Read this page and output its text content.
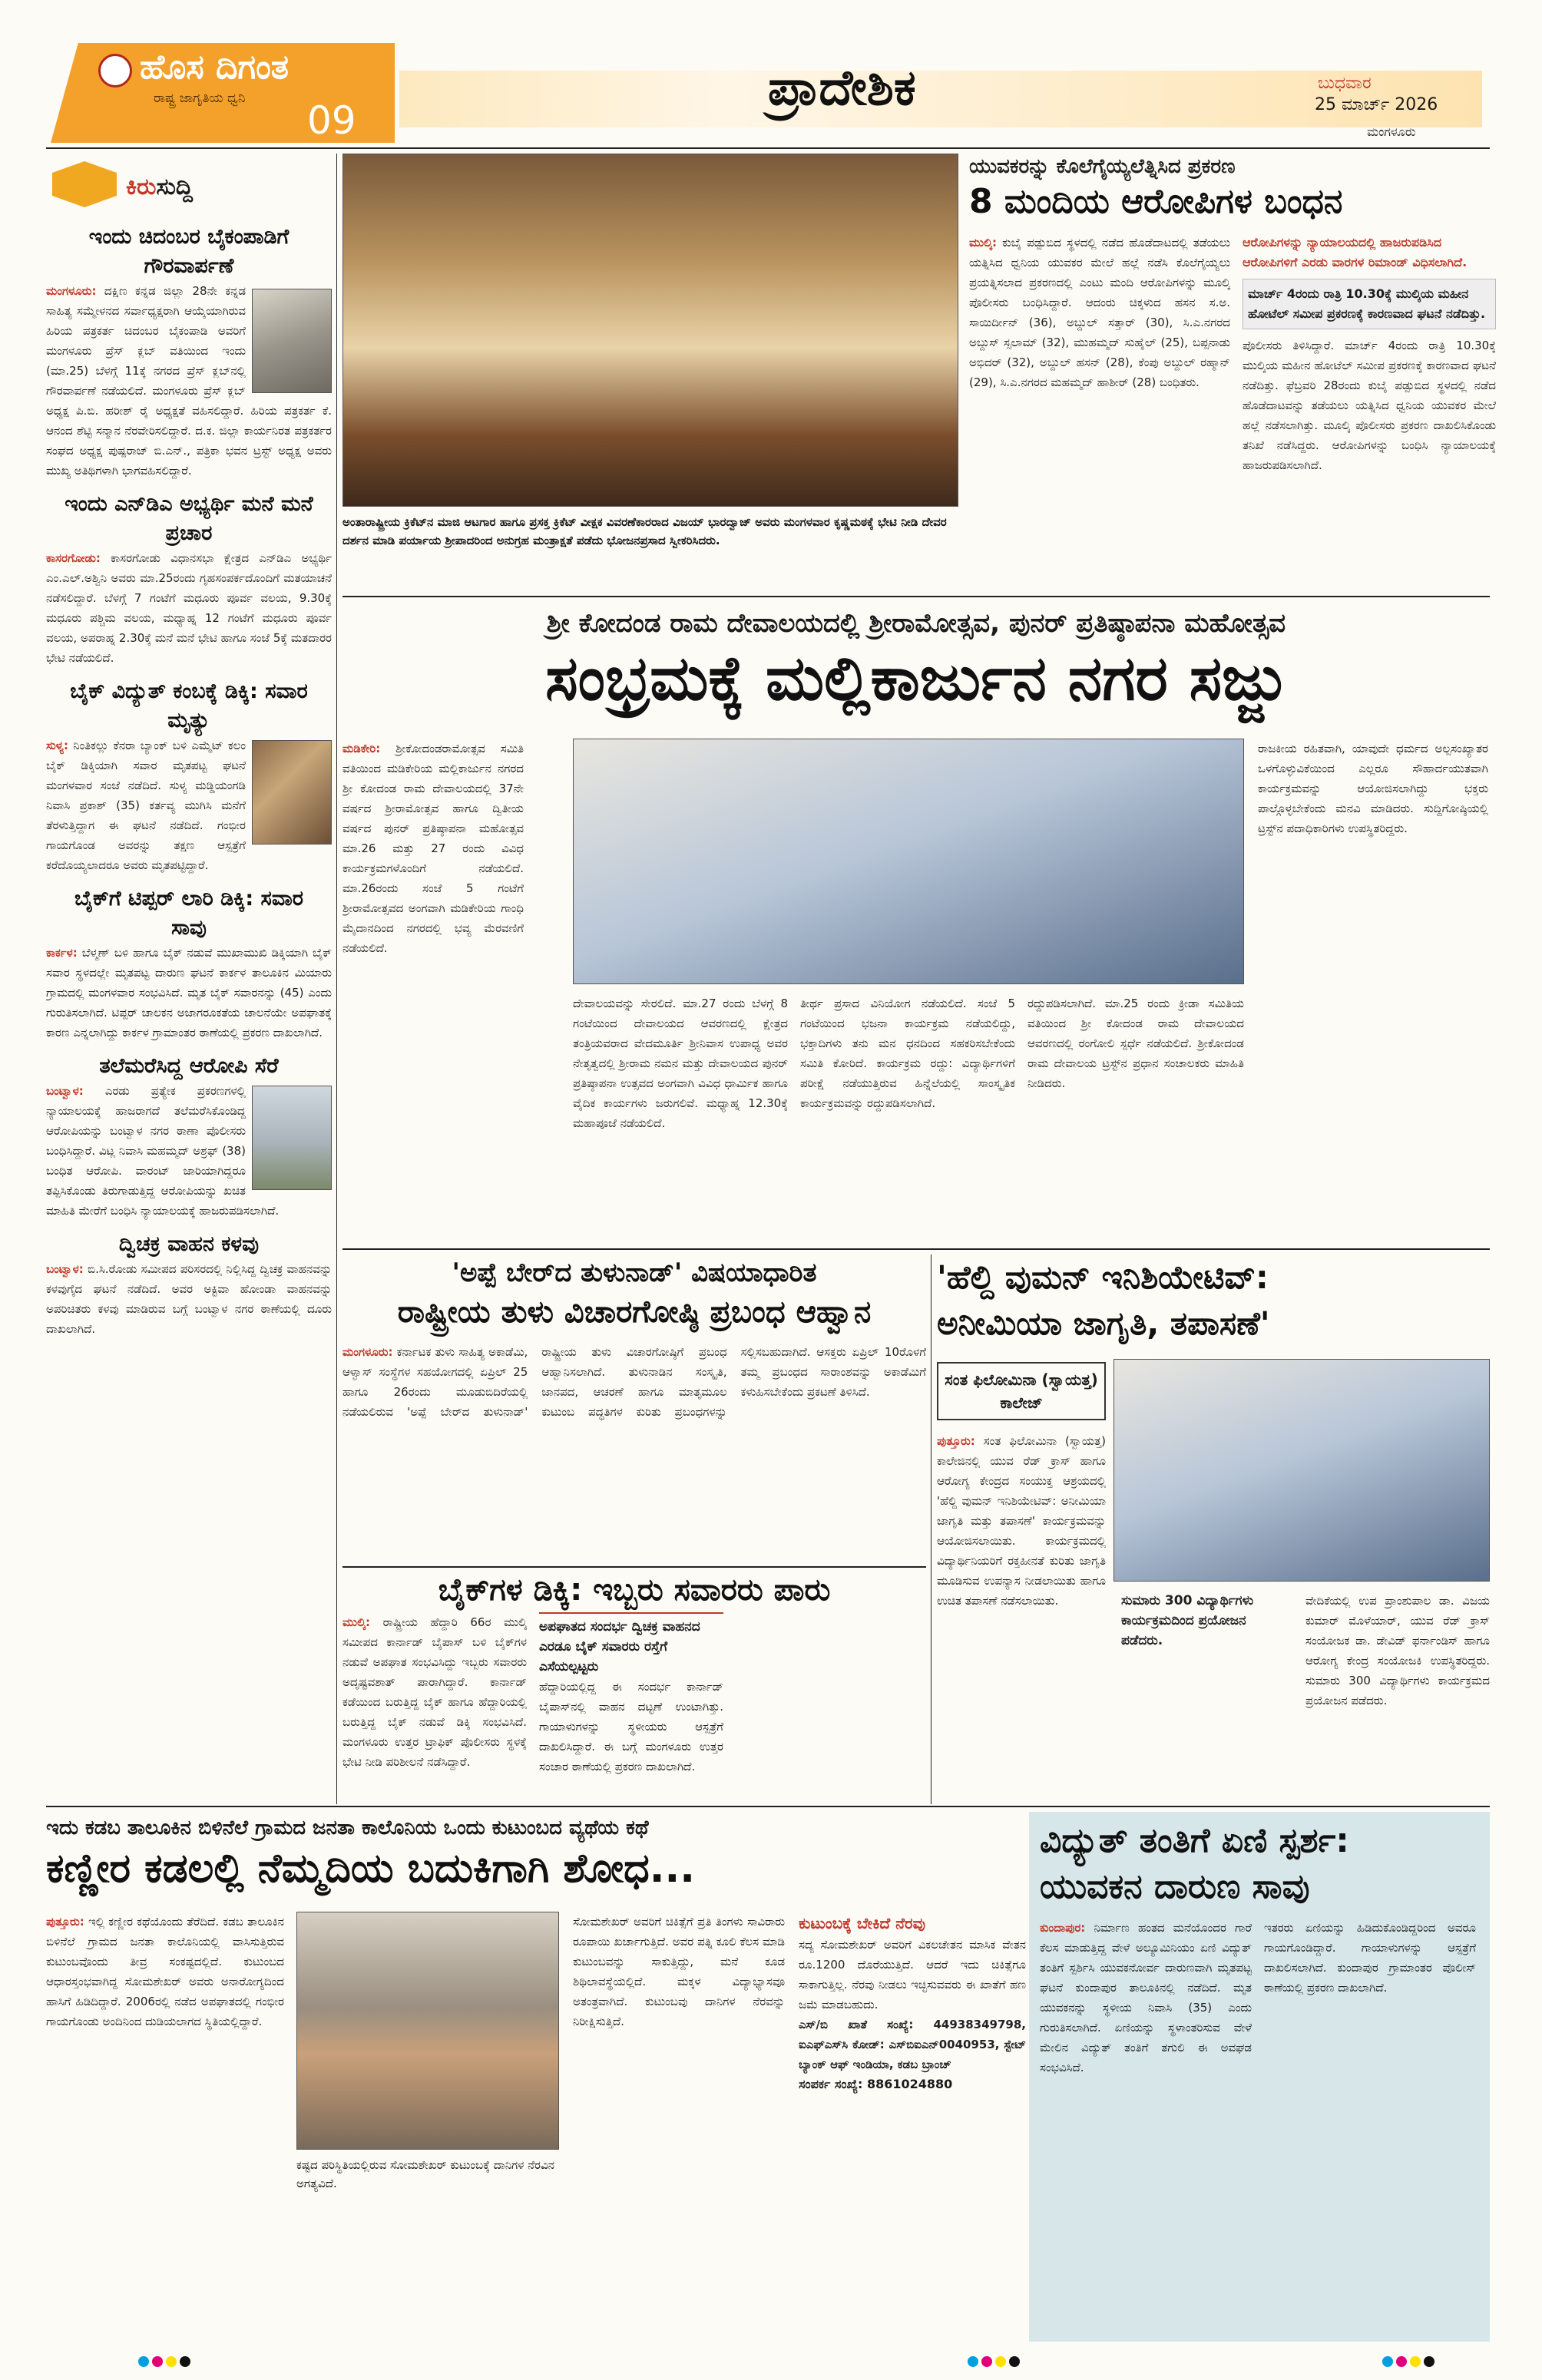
ಹೊಸ ದಿಗಂತ
ರಾಷ್ಟ್ರ ಜಾಗೃತಿಯ ಧ್ವನಿ 09
ಪ್ರಾದೇಶಿಕ	ಬುಧವಾರ
25 ಮಾರ್ಚ್ 2026
ಮಂಗಳೂರು
ಕಿರುಸುದ್ದಿ
ಇಂದು ಚಿದಂಬರ ಬೈಕಂಪಾಡಿಗೆ ಗೌರವಾರ್ಪಣೆ
ಮಂಗಳೂರು: ದಕ್ಷಿಣ ಕನ್ನಡ ಜಿಲ್ಲಾ 28ನೇ ಕನ್ನಡ ಸಾಹಿತ್ಯ ಸಮ್ಮೇಳನದ ಸರ್ವಾಧ್ಯಕ್ಷರಾಗಿ ಆಯ್ಕೆಯಾಗಿರುವ ಹಿರಿಯ ಪತ್ರಕರ್ತ ಚಿದಂಬರ ಬೈಕಂಪಾಡಿ ಅವರಿಗೆ ಮಂಗಳೂರು ಪ್ರೆಸ್ ಕ್ಲಬ್ ವತಿಯಿಂದ ಇಂದು (ಮಾ.25) ಬೆಳಗ್ಗೆ 11ಕ್ಕೆ ನಗರದ ಪ್ರೆಸ್ ಕ್ಲಬ್‌ನಲ್ಲಿ ಗೌರವಾರ್ಪಣೆ ನಡೆಯಲಿದೆ. ಮಂಗಳೂರು ಪ್ರೆಸ್ ಕ್ಲಬ್ ಅಧ್ಯಕ್ಷ ಪಿ.ಬಿ. ಹರೀಶ್ ರೈ ಅಧ್ಯಕ್ಷತೆ ವಹಿಸಲಿದ್ದಾರೆ. ಹಿರಿಯ ಪತ್ರಕರ್ತ ಕೆ. ಆನಂದ ಶೆಟ್ಟಿ ಸನ್ಮಾನ ನೆರವೇರಿಸಲಿದ್ದಾರೆ. ದ.ಕ. ಜಿಲ್ಲಾ ಕಾರ್ಯನಿರತ ಪತ್ರಕರ್ತರ ಸಂಘದ ಅಧ್ಯಕ್ಷ ಪುಷ್ಪರಾಜ್ ಬಿ.ಎನ್., ಪತ್ರಿಕಾ ಭವನ ಟ್ರಸ್ಟ್ ಅಧ್ಯಕ್ಷ ಅವರು ಮುಖ್ಯ ಅತಿಥಿಗಳಾಗಿ ಭಾಗವಹಿಸಲಿದ್ದಾರೆ.
ಇಂದು ಎನ್‌ಡಿಎ ಅಭ್ಯರ್ಥಿ ಮನೆ ಮನೆ ಪ್ರಚಾರ
ಕಾಸರಗೋಡು: ಕಾಸರಗೋಡು ವಿಧಾನಸಭಾ ಕ್ಷೇತ್ರದ ಎನ್‌ಡಿಎ ಅಭ್ಯರ್ಥಿ ಎಂ.ಎಲ್.ಅಶ್ವಿನಿ ಅವರು ಮಾ.25ರಂದು ಗೃಹಸಂಪರ್ಕದೊಂದಿಗೆ ಮತಯಾಚನೆ ನಡೆಸಲಿದ್ದಾರೆ. ಬೆಳಗ್ಗೆ 7 ಗಂಟೆಗೆ ಮಧೂರು ಪೂರ್ವ ವಲಯ, 9.30ಕ್ಕೆ ಮಧೂರು ಪಶ್ಚಿಮ ವಲಯ, ಮಧ್ಯಾಹ್ನ 12 ಗಂಟೆಗೆ ಮಧೂರು ಪೂರ್ವ ವಲಯ, ಅಪರಾಹ್ನ 2.30ಕ್ಕೆ ಮನೆ ಮನೆ ಭೇಟಿ ಹಾಗೂ ಸಂಜೆ 5ಕ್ಕೆ ಮತದಾರರ ಭೇಟಿ ನಡೆಯಲಿದೆ.
ಬೈಕ್ ವಿದ್ಯುತ್ ಕಂಬಕ್ಕೆ ಡಿಕ್ಕಿ: ಸವಾರ ಮೃತ್ಯು
ಸುಳ್ಯ: ನಿಂತಿಕಲ್ಲು ಕೆನರಾ ಬ್ಯಾಂಕ್ ಬಳಿ ಎಮ್ಮೆಟ್ ಕಲಂ ಬೈಕ್ ಡಿಕ್ಕಿಯಾಗಿ ಸವಾರ ಮೃತಪಟ್ಟ ಘಟನೆ ಮಂಗಳವಾರ ಸಂಜೆ ನಡೆದಿದೆ. ಸುಳ್ಯ ಮಡ್ಡಿಯಂಗಡಿ ನಿವಾಸಿ ಪ್ರಕಾಶ್ (35) ಕರ್ತವ್ಯ ಮುಗಿಸಿ ಮನೆಗೆ ತೆರಳುತ್ತಿದ್ದಾಗ ಈ ಘಟನೆ ನಡೆದಿದೆ. ಗಂಭೀರ ಗಾಯಗೊಂಡ ಅವರನ್ನು ತಕ್ಷಣ ಆಸ್ಪತ್ರೆಗೆ ಕರೆದೊಯ್ಯಲಾದರೂ ಅವರು ಮೃತಪಟ್ಟಿದ್ದಾರೆ.
ಬೈಕ್‌ಗೆ ಟಿಪ್ಪರ್ ಲಾರಿ ಡಿಕ್ಕಿ: ಸವಾರ ಸಾವು
ಕಾರ್ಕಳ: ಬೆಳ್ಮಣ್ ಬಳಿ ಹಾಗೂ ಬೈಕ್ ನಡುವೆ ಮುಖಾಮುಖಿ ಡಿಕ್ಕಿಯಾಗಿ ಬೈಕ್ ಸವಾರ ಸ್ಥಳದಲ್ಲೇ ಮೃತಪಟ್ಟ ದಾರುಣ ಘಟನೆ ಕಾರ್ಕಳ ತಾಲೂಕಿನ ಮಿಯಾರು ಗ್ರಾಮದಲ್ಲಿ ಮಂಗಳವಾರ ಸಂಭವಿಸಿದೆ. ಮೃತ ಬೈಕ್ ಸವಾರನನ್ನು (45) ಎಂದು ಗುರುತಿಸಲಾಗಿದೆ. ಟಿಪ್ಪರ್ ಚಾಲಕನ ಅಜಾಗರೂಕತೆಯ ಚಾಲನೆಯೇ ಅಪಘಾತಕ್ಕೆ ಕಾರಣ ಎನ್ನಲಾಗಿದ್ದು ಕಾರ್ಕಳ ಗ್ರಾಮಾಂತರ ಠಾಣೆಯಲ್ಲಿ ಪ್ರಕರಣ ದಾಖಲಾಗಿದೆ.
ತಲೆಮರೆಸಿದ್ದ ಆರೋಪಿ ಸೆರೆ
ಬಂಟ್ವಾಳ: ಎರಡು ಪ್ರತ್ಯೇಕ ಪ್ರಕರಣಗಳಲ್ಲಿ ನ್ಯಾಯಾಲಯಕ್ಕೆ ಹಾಜರಾಗದೆ ತಲೆಮರೆಸಿಕೊಂಡಿದ್ದ ಆರೋಪಿಯನ್ನು ಬಂಟ್ವಾಳ ನಗರ ಠಾಣಾ ಪೊಲೀಸರು ಬಂಧಿಸಿದ್ದಾರೆ. ವಿಟ್ಲ ನಿವಾಸಿ ಮಹಮ್ಮದ್ ಅಶ್ರಫ್ (38) ಬಂಧಿತ ಆರೋಪಿ. ವಾರಂಟ್ ಜಾರಿಯಾಗಿದ್ದರೂ ತಪ್ಪಿಸಿಕೊಂಡು ತಿರುಗಾಡುತ್ತಿದ್ದ ಆರೋಪಿಯನ್ನು ಖಚಿತ ಮಾಹಿತಿ ಮೇರೆಗೆ ಬಂಧಿಸಿ ನ್ಯಾಯಾಲಯಕ್ಕೆ ಹಾಜರುಪಡಿಸಲಾಗಿದೆ.
ದ್ವಿಚಕ್ರ ವಾಹನ ಕಳವು
ಬಂಟ್ವಾಳ: ಬಿ.ಸಿ.ರೋಡು ಸಮೀಪದ ಪರಿಸರದಲ್ಲಿ ನಿಲ್ಲಿಸಿದ್ದ ದ್ವಿಚಕ್ರ ವಾಹನವನ್ನು ಕಳವುಗೈದ ಘಟನೆ ನಡೆದಿದೆ. ಅವರ ಅಕ್ಟಿವಾ ಹೋಂಡಾ ವಾಹನವನ್ನು ಅಪರಿಚಿತರು ಕಳವು ಮಾಡಿರುವ ಬಗ್ಗೆ ಬಂಟ್ವಾಳ ನಗರ ಠಾಣೆಯಲ್ಲಿ ದೂರು ದಾಖಲಾಗಿದೆ.
ಅಂತಾರಾಷ್ಟ್ರೀಯ ಕ್ರಿಕೆಟ್‌ನ ಮಾಜಿ ಆಟಗಾರ ಹಾಗೂ ಪ್ರಸಕ್ತ ಕ್ರಿಕೆಟ್ ವೀಕ್ಷಕ ವಿವರಣೆಕಾರರಾದ ವಿಜಯ್ ಭಾರದ್ವಾಜ್ ಅವರು ಮಂಗಳವಾರ ಕೃಷ್ಣಮಠಕ್ಕೆ ಭೇಟಿ ನೀಡಿ ದೇವರ ದರ್ಶನ ಮಾಡಿ ಪರ್ಯಾಯ ಶ್ರೀಪಾದರಿಂದ ಅನುಗ್ರಹ ಮಂತ್ರಾಕ್ಷತೆ ಪಡೆದು ಭೋಜನಪ್ರಸಾದ ಸ್ವೀಕರಿಸಿದರು.
ಯುವಕರನ್ನು ಕೊಲೆಗೈಯ್ಯಲೆತ್ನಿಸಿದ ಪ್ರಕರಣ
8 ಮಂದಿಯ ಆರೋಪಿಗಳ ಬಂಧನ
ಮುಲ್ಕಿ: ಕುಬೈ ಪಡ್ಪುಬಿದ ಸ್ಥಳದಲ್ಲಿ ನಡೆದ ಹೊಡೆದಾಟದಲ್ಲಿ ತಡೆಯಲು ಯತ್ನಿಸಿದ ಧ್ವನಿಯ ಯುವಕರ ಮೇಲೆ ಹಲ್ಲೆ ನಡೆಸಿ ಕೊಲೆಗೈಯ್ಯಲು ಪ್ರಯತ್ನಿಸಲಾದ ಪ್ರಕರಣದಲ್ಲಿ ಎಂಟು ಮಂದಿ ಆರೋಪಿಗಳನ್ನು ಮೂಲ್ಕಿ ಪೊಲೀಸರು ಬಂಧಿಸಿದ್ದಾರೆ. ಆದಂರು ಚಿಕ್ಕಳುದ ಹಸನ ಸ.ಅ. ಸಾಯಿರ್ದೀನ್ (36), ಅಬ್ದುಲ್ ಸತ್ತಾರ್ (30), ಸಿ.ಎ.ನಗರದ ಅಬ್ದುಸ್ ಸ್ಸಲಾಮ್ (32), ಮುಹಮ್ಮದ್ ಸುಹೈಲ್ (25), ಬಪ್ಪನಾಡು ಅಭಿದರ್ (32), ಅಬ್ದುಲ್ ಹಸನ್ (28), ಕೆಂಪು ಅಬ್ದುಲ್ ರಹ್ಮಾನ್ (29), ಸಿ.ಎ.ನಗರದ ಮಹಮ್ಮದ್ ಹಾಶೀರ್ (28) ಬಂಧಿತರು.
ಆರೋಪಿಗಳನ್ನು ನ್ಯಾಯಾಲಯದಲ್ಲಿ ಹಾಜರುಪಡಿಸಿದ ಆರೋಪಿಗಳಿಗೆ ಎರಡು ವಾರಗಳ ರಿಮಾಂಡ್ ವಿಧಿಸಲಾಗಿದೆ.
ಮಾರ್ಚ್ 4ರಂದು ರಾತ್ರಿ 10.30ಕ್ಕೆ ಮುಲ್ಕಿಯ ಮಹೀನ ಹೋಟೆಲ್ ಸಮೀಪ ಪ್ರಕರಣಕ್ಕೆ ಕಾರಣವಾದ ಘಟನೆ ನಡೆದಿತ್ತು.
ಪೊಲೀಸರು ತಿಳಿಸಿದ್ದಾರೆ. ಮಾರ್ಚ್ 4ರಂದು ರಾತ್ರಿ 10.30ಕ್ಕೆ ಮುಲ್ಕಿಯ ಮಹೀನ ಹೋಟೆಲ್ ಸಮೀಪ ಪ್ರಕರಣಕ್ಕೆ ಕಾರಣವಾದ ಘಟನೆ ನಡೆದಿತ್ತು. ಫೆಬ್ರವರಿ 28ರಂದು ಕುಬೈ ಪಡ್ಪುಬಿದ ಸ್ಥಳದಲ್ಲಿ ನಡೆದ ಹೊಡೆದಾಟವನ್ನು ತಡೆಯಲು ಯತ್ನಿಸಿದ ಧ್ವನಿಯ ಯುವಕರ ಮೇಲೆ ಹಲ್ಲೆ ನಡೆಸಲಾಗಿತ್ತು. ಮೂಲ್ಕಿ ಪೊಲೀಸರು ಪ್ರಕರಣ ದಾಖಲಿಸಿಕೊಂಡು ತನಿಖೆ ನಡೆಸಿದ್ದರು. ಆರೋಪಿಗಳನ್ನು ಬಂಧಿಸಿ ನ್ಯಾಯಾಲಯಕ್ಕೆ ಹಾಜರುಪಡಿಸಲಾಗಿದೆ.
ಶ್ರೀ ಕೋದಂಡ ರಾಮ ದೇವಾಲಯದಲ್ಲಿ ಶ್ರೀರಾಮೋತ್ಸವ, ಪುನರ್ ಪ್ರತಿಷ್ಠಾಪನಾ ಮಹೋತ್ಸವ
ಸಂಭ್ರಮಕ್ಕೆ ಮಲ್ಲಿಕಾರ್ಜುನ ನಗರ ಸಜ್ಜು
ಮಡಿಕೇರಿ: ಶ್ರೀಕೋದಂಡರಾಮೋತ್ಸವ ಸಮಿತಿ ವತಿಯಿಂದ ಮಡಿಕೇರಿಯ ಮಲ್ಲಿಕಾರ್ಜುನ ನಗರದ ಶ್ರೀ ಕೋದಂಡ ರಾಮ ದೇವಾಲಯದಲ್ಲಿ 37ನೇ ವರ್ಷದ ಶ್ರೀರಾಮೋತ್ಸವ ಹಾಗೂ ದ್ವಿತೀಯ ವರ್ಷದ ಪುನರ್ ಪ್ರತಿಷ್ಠಾಪನಾ ಮಹೋತ್ಸವ ಮಾ.26 ಮತ್ತು 27 ರಂದು ವಿವಿಧ ಕಾರ್ಯಕ್ರಮಗಳೊಂದಿಗೆ ನಡೆಯಲಿದೆ. ಮಾ.26ರಂದು ಸಂಜೆ 5 ಗಂಟೆಗೆ ಶ್ರೀರಾಮೋತ್ಸವದ ಅಂಗವಾಗಿ ಮಡಿಕೇರಿಯ ಗಾಂಧಿ ಮೈದಾನದಿಂದ ನಗರದಲ್ಲಿ ಭವ್ಯ ಮೆರವಣಿಗೆ ನಡೆಯಲಿದೆ.
ದೇವಾಲಯವನ್ನು ಸೇರಲಿದೆ. ಮಾ.27 ರಂದು ಬೆಳಗ್ಗೆ 8 ಗಂಟೆಯಿಂದ ದೇವಾಲಯದ ಆವರಣದಲ್ಲಿ ಕ್ಷೇತ್ರದ ತಂತ್ರಿಯವರಾದ ವೇದಮೂರ್ತಿ ಶ್ರೀನಿವಾಸ ಉಪಾಧ್ಯ ಅವರ ನೇತೃತ್ವದಲ್ಲಿ ಶ್ರೀರಾಮ ನಮನ ಮತ್ತು ದೇವಾಲಯದ ಪುನರ್ ಪ್ರತಿಷ್ಠಾಪನಾ ಉತ್ಸವದ ಅಂಗವಾಗಿ ವಿವಿಧ ಧಾರ್ಮಿಕ ಹಾಗೂ ವೈದಿಕ ಕಾರ್ಯಗಳು ಜರುಗಲಿವೆ. ಮಧ್ಯಾಹ್ನ 12.30ಕ್ಕೆ ಮಹಾಪೂಜೆ ನಡೆಯಲಿದೆ.
ತೀರ್ಥ ಪ್ರಸಾದ ವಿನಿಯೋಗ ನಡೆಯಲಿದೆ. ಸಂಜೆ 5 ಗಂಟೆಯಿಂದ ಭಜನಾ ಕಾರ್ಯಕ್ರಮ ನಡೆಯಲಿದ್ದು, ಭಕ್ತಾದಿಗಳು ತನು ಮನ ಧನದಿಂದ ಸಹಕರಿಸಬೇಕೆಂದು ಸಮಿತಿ ಕೋರಿದೆ. ಕಾರ್ಯಕ್ರಮ ರದ್ದು: ವಿದ್ಯಾರ್ಥಿಗಳಿಗೆ ಪರೀಕ್ಷೆ ನಡೆಯುತ್ತಿರುವ ಹಿನ್ನೆಲೆಯಲ್ಲಿ ಸಾಂಸ್ಕೃತಿಕ ಕಾರ್ಯಕ್ರಮವನ್ನು ರದ್ದುಪಡಿಸಲಾಗಿದೆ.
ರದ್ದುಪಡಿಸಲಾಗಿದೆ. ಮಾ.25 ರಂದು ಕ್ರೀಡಾ ಸಮಿತಿಯ ವತಿಯಿಂದ ಶ್ರೀ ಕೋದಂಡ ರಾಮ ದೇವಾಲಯದ ಆವರಣದಲ್ಲಿ ರಂಗೋಲಿ ಸ್ಪರ್ಧೆ ನಡೆಯಲಿದೆ. ಶ್ರೀಕೋದಂಡ ರಾಮ ದೇವಾಲಯ ಟ್ರಸ್ಟ್‌ನ ಪ್ರಧಾನ ಸಂಚಾಲಕರು ಮಾಹಿತಿ ನೀಡಿದರು.
ರಾಜಕೀಯ ರಹಿತವಾಗಿ, ಯಾವುದೇ ಧರ್ಮದ ಅಲ್ಪಸಂಖ್ಯಾತರ ಒಳಗೊಳ್ಳುವಿಕೆಯಿಂದ ಎಲ್ಲರೂ ಸೌಹಾರ್ದಯುತವಾಗಿ ಕಾರ್ಯಕ್ರಮವನ್ನು ಆಯೋಜಿಸಲಾಗಿದ್ದು ಭಕ್ತರು ಪಾಲ್ಗೊಳ್ಳಬೇಕೆಂದು ಮನವಿ ಮಾಡಿದರು. ಸುದ್ದಿಗೋಷ್ಠಿಯಲ್ಲಿ ಟ್ರಸ್ಟ್‌ನ ಪದಾಧಿಕಾರಿಗಳು ಉಪಸ್ಥಿತರಿದ್ದರು.
'ಅಪ್ಪೆ ಬೇರ್‌ದ ತುಳುನಾಡ್' ವಿಷಯಾಧಾರಿತ
ರಾಷ್ಟ್ರೀಯ ತುಳು ವಿಚಾರಗೋಷ್ಠಿ ಪ್ರಬಂಧ ಆಹ್ವಾನ
ಮಂಗಳೂರು: ಕರ್ನಾಟಕ ತುಳು ಸಾಹಿತ್ಯ ಅಕಾಡೆಮಿ, ಆಳ್ವಾಸ್ ಸಂಸ್ಥೆಗಳ ಸಹಯೋಗದಲ್ಲಿ ಏಪ್ರಿಲ್ 25 ಹಾಗೂ 26ರಂದು ಮೂಡುಬಿದಿರೆಯಲ್ಲಿ ನಡೆಯಲಿರುವ 'ಅಪ್ಪೆ ಬೇರ್‌ದ ತುಳುನಾಡ್' ರಾಷ್ಟ್ರೀಯ ತುಳು ವಿಚಾರಗೋಷ್ಠಿಗೆ ಪ್ರಬಂಧ ಆಹ್ವಾನಿಸಲಾಗಿದೆ. ತುಳುನಾಡಿನ ಸಂಸ್ಕೃತಿ, ಜಾನಪದ, ಆಚರಣೆ ಹಾಗೂ ಮಾತೃಮೂಲ ಕುಟುಂಬ ಪದ್ಧತಿಗಳ ಕುರಿತು ಪ್ರಬಂಧಗಳನ್ನು ಸಲ್ಲಿಸಬಹುದಾಗಿದೆ. ಆಸಕ್ತರು ಏಪ್ರಿಲ್ 10ರೊಳಗೆ ತಮ್ಮ ಪ್ರಬಂಧದ ಸಾರಾಂಶವನ್ನು ಅಕಾಡೆಮಿಗೆ ಕಳುಹಿಸಬೇಕೆಂದು ಪ್ರಕಟಣೆ ತಿಳಿಸಿದೆ.
ಬೈಕ್‌ಗಳ ಡಿಕ್ಕಿ: ಇಬ್ಬರು ಸವಾರರು ಪಾರು
ಮುಲ್ಕಿ: ರಾಷ್ಟ್ರೀಯ ಹೆದ್ದಾರಿ 66ರ ಮುಲ್ಕಿ ಸಮೀಪದ ಕಾರ್ನಾಡ್ ಬೈಪಾಸ್ ಬಳಿ ಬೈಕ್‌ಗಳ ನಡುವೆ ಅಪಘಾತ ಸಂಭವಿಸಿದ್ದು ಇಬ್ಬರು ಸವಾರರು ಅದೃಷ್ಟವಶಾತ್ ಪಾರಾಗಿದ್ದಾರೆ. ಕಾರ್ನಾಡ್ ಕಡೆಯಿಂದ ಬರುತ್ತಿದ್ದ ಬೈಕ್ ಹಾಗೂ ಹೆದ್ದಾರಿಯಲ್ಲಿ ಬರುತ್ತಿದ್ದ ಬೈಕ್ ನಡುವೆ ಡಿಕ್ಕಿ ಸಂಭವಿಸಿದೆ. ಮಂಗಳೂರು ಉತ್ತರ ಟ್ರಾಫಿಕ್ ಪೊಲೀಸರು ಸ್ಥಳಕ್ಕೆ ಭೇಟಿ ನೀಡಿ ಪರಿಶೀಲನೆ ನಡೆಸಿದ್ದಾರೆ.
ಅಪಘಾತದ ಸಂದರ್ಭ ದ್ವಿಚಕ್ರ ವಾಹನದ ಎರಡೂ ಬೈಕ್ ಸವಾರರು ರಸ್ತೆಗೆ ಎಸೆಯಲ್ಪಟ್ಟರು
ಹೆದ್ದಾರಿಯಲ್ಲಿದ್ದ ಈ ಸಂದರ್ಭ ಕಾರ್ನಾಡ್ ಬೈಪಾಸ್‌ನಲ್ಲಿ ವಾಹನ ದಟ್ಟಣೆ ಉಂಟಾಗಿತ್ತು. ಗಾಯಾಳುಗಳನ್ನು ಸ್ಥಳೀಯರು ಆಸ್ಪತ್ರೆಗೆ ದಾಖಲಿಸಿದ್ದಾರೆ. ಈ ಬಗ್ಗೆ ಮಂಗಳೂರು ಉತ್ತರ ಸಂಚಾರ ಠಾಣೆಯಲ್ಲಿ ಪ್ರಕರಣ ದಾಖಲಾಗಿದೆ.
'ಹೆಲ್ದಿ ವುಮನ್ ಇನಿಶಿಯೇಟಿವ್:
ಅನೀಮಿಯಾ ಜಾಗೃತಿ, ತಪಾಸಣೆ'
ಸಂತ ಫಿಲೋಮಿನಾ (ಸ್ವಾಯತ್ತ) ಕಾಲೇಜ್
ಪುತ್ತೂರು: ಸಂತ ಫಿಲೋಮಿನಾ (ಸ್ವಾಯತ್ತ) ಕಾಲೇಜಿನಲ್ಲಿ ಯುವ ರೆಡ್ ಕ್ರಾಸ್ ಹಾಗೂ ಆರೋಗ್ಯ ಕೇಂದ್ರದ ಸಂಯುಕ್ತ ಆಶ್ರಯದಲ್ಲಿ 'ಹೆಲ್ದಿ ವುಮನ್ ಇನಿಶಿಯೇಟಿವ್: ಅನೀಮಿಯಾ ಜಾಗೃತಿ ಮತ್ತು ತಪಾಸಣೆ' ಕಾರ್ಯಕ್ರಮವನ್ನು ಆಯೋಜಿಸಲಾಯಿತು. ಕಾರ್ಯಕ್ರಮದಲ್ಲಿ ವಿದ್ಯಾರ್ಥಿನಿಯರಿಗೆ ರಕ್ತಹೀನತೆ ಕುರಿತು ಜಾಗೃತಿ ಮೂಡಿಸುವ ಉಪನ್ಯಾಸ ನೀಡಲಾಯಿತು ಹಾಗೂ ಉಚಿತ ತಪಾಸಣೆ ನಡೆಸಲಾಯಿತು.	ಸುಮಾರು 300 ವಿದ್ಯಾರ್ಥಿಗಳು ಕಾರ್ಯಕ್ರಮದಿಂದ ಪ್ರಯೋಜನ ಪಡೆದರು.
ವೇದಿಕೆಯಲ್ಲಿ ಉಪ ಪ್ರಾಂಶುಪಾಲ ಡಾ. ವಿಜಯ ಕುಮಾರ್ ಮೊಳೆಯಾರ್, ಯುವ ರೆಡ್ ಕ್ರಾಸ್ ಸಂಯೋಜಕ ಡಾ. ಡೇವಿಡ್ ಫರ್ನಾಂಡಿಸ್ ಹಾಗೂ ಆರೋಗ್ಯ ಕೇಂದ್ರ ಸಂಯೋಜಕಿ ಉಪಸ್ಥಿತರಿದ್ದರು. ಸುಮಾರು 300 ವಿದ್ಯಾರ್ಥಿಗಳು ಕಾರ್ಯಕ್ರಮದ ಪ್ರಯೋಜನ ಪಡೆದರು.
ಇದು ಕಡಬ ತಾಲೂಕಿನ ಬಿಳಿನೆಲೆ ಗ್ರಾಮದ ಜನತಾ ಕಾಲೊನಿಯ ಒಂದು ಕುಟುಂಬದ ವ್ಯಥೆಯ ಕಥೆ
ಕಣ್ಣೀರ ಕಡಲಲ್ಲಿ ನೆಮ್ಮದಿಯ ಬದುಕಿಗಾಗಿ ಶೋಧ...
ಪುತ್ತೂರು: ಇಲ್ಲಿ ಕಣ್ಣೀರ ಕಥೆಯೊಂದು ತೆರೆದಿದೆ. ಕಡಬ ತಾಲೂಕಿನ ಬಿಳಿನೆಲೆ ಗ್ರಾಮದ ಜನತಾ ಕಾಲೊನಿಯಲ್ಲಿ ವಾಸಿಸುತ್ತಿರುವ ಕುಟುಂಬವೊಂದು ತೀವ್ರ ಸಂಕಷ್ಟದಲ್ಲಿದೆ. ಕುಟುಂಬದ ಆಧಾರಸ್ತಂಭವಾಗಿದ್ದ ಸೋಮಶೇಖರ್ ಅವರು ಅನಾರೋಗ್ಯದಿಂದ ಹಾಸಿಗೆ ಹಿಡಿದಿದ್ದಾರೆ. 2006ರಲ್ಲಿ ನಡೆದ ಅಪಘಾತದಲ್ಲಿ ಗಂಭೀರ ಗಾಯಗೊಂಡು ಅಂದಿನಿಂದ ದುಡಿಯಲಾಗದ ಸ್ಥಿತಿಯಲ್ಲಿದ್ದಾರೆ.
ಕಷ್ಟದ ಪರಿಸ್ಥಿತಿಯಲ್ಲಿರುವ ಸೋಮಶೇಖರ್ ಕುಟುಂಬಕ್ಕೆ ದಾನಿಗಳ ನೆರವಿನ ಅಗತ್ಯವಿದೆ.
ಸೋಮಶೇಖರ್ ಅವರಿಗೆ ಚಿಕಿತ್ಸೆಗೆ ಪ್ರತಿ ತಿಂಗಳು ಸಾವಿರಾರು ರೂಪಾಯಿ ಖರ್ಚಾಗುತ್ತಿದೆ. ಅವರ ಪತ್ನಿ ಕೂಲಿ ಕೆಲಸ ಮಾಡಿ ಕುಟುಂಬವನ್ನು ಸಾಕುತ್ತಿದ್ದು, ಮನೆ ಕೂಡ ಶಿಥಿಲಾವಸ್ಥೆಯಲ್ಲಿದೆ. ಮಕ್ಕಳ ವಿದ್ಯಾಭ್ಯಾಸವೂ ಅತಂತ್ರವಾಗಿದೆ. ಕುಟುಂಬವು ದಾನಿಗಳ ನೆರವನ್ನು ನಿರೀಕ್ಷಿಸುತ್ತಿದೆ.
ಕುಟುಂಬಕ್ಕೆ ಬೇಕಿದೆ ನೆರವು
ಸದ್ಯ ಸೋಮಶೇಖರ್ ಅವರಿಗೆ ವಿಕಲಚೇತನ ಮಾಸಿಕ ವೇತನ ರೂ.1200 ದೊರೆಯುತ್ತಿದೆ. ಆದರೆ ಇದು ಚಿಕಿತ್ಸೆಗೂ ಸಾಕಾಗುತ್ತಿಲ್ಲ. ನೆರವು ನೀಡಲು ಇಚ್ಛಿಸುವವರು ಈ ಖಾತೆಗೆ ಹಣ ಜಮೆ ಮಾಡಬಹುದು.
ಎಸ್/ಬಿ ಖಾತೆ ಸಂಖ್ಯೆ: 44938349798, ಐಎಫ್‌ಎಸ್‌ಸಿ ಕೋಡ್: ಎಸ್‌ಬಿಐಎನ್0040953, ಸ್ಟೇಟ್ ಬ್ಯಾಂಕ್ ಆಫ್ ಇಂಡಿಯಾ, ಕಡಬ ಬ್ರಾಂಚ್
ಸಂಪರ್ಕ ಸಂಖ್ಯೆ: 8861024880
ವಿದ್ಯುತ್ ತಂತಿಗೆ ಏಣಿ ಸ್ಪರ್ಶ:
ಯುವಕನ ದಾರುಣ ಸಾವು
ಕುಂದಾಪುರ: ನಿರ್ಮಾಣ ಹಂತದ ಮನೆಯೊಂದರ ಗಾರೆ ಕೆಲಸ ಮಾಡುತ್ತಿದ್ದ ವೇಳೆ ಅಲ್ಯೂಮಿನಿಯಂ ಏಣಿ ವಿದ್ಯುತ್ ತಂತಿಗೆ ಸ್ಪರ್ಶಿಸಿ ಯುವಕನೋರ್ವ ದಾರುಣವಾಗಿ ಮೃತಪಟ್ಟ ಘಟನೆ ಕುಂದಾಪುರ ತಾಲೂಕಿನಲ್ಲಿ ನಡೆದಿದೆ. ಮೃತ ಯುವಕನನ್ನು ಸ್ಥಳೀಯ ನಿವಾಸಿ (35) ಎಂದು ಗುರುತಿಸಲಾಗಿದೆ. ಏಣಿಯನ್ನು ಸ್ಥಳಾಂತರಿಸುವ ವೇಳೆ ಮೇಲಿನ ವಿದ್ಯುತ್ ತಂತಿಗೆ ತಗುಲಿ ಈ ಅವಘಡ ಸಂಭವಿಸಿದೆ.
ಇತರರು ಏಣಿಯನ್ನು ಹಿಡಿದುಕೊಂಡಿದ್ದರಿಂದ ಅವರೂ ಗಾಯಗೊಂಡಿದ್ದಾರೆ. ಗಾಯಾಳುಗಳನ್ನು ಆಸ್ಪತ್ರೆಗೆ ದಾಖಲಿಸಲಾಗಿದೆ. ಕುಂದಾಪುರ ಗ್ರಾಮಾಂತರ ಪೊಲೀಸ್ ಠಾಣೆಯಲ್ಲಿ ಪ್ರಕರಣ ದಾಖಲಾಗಿದೆ.
